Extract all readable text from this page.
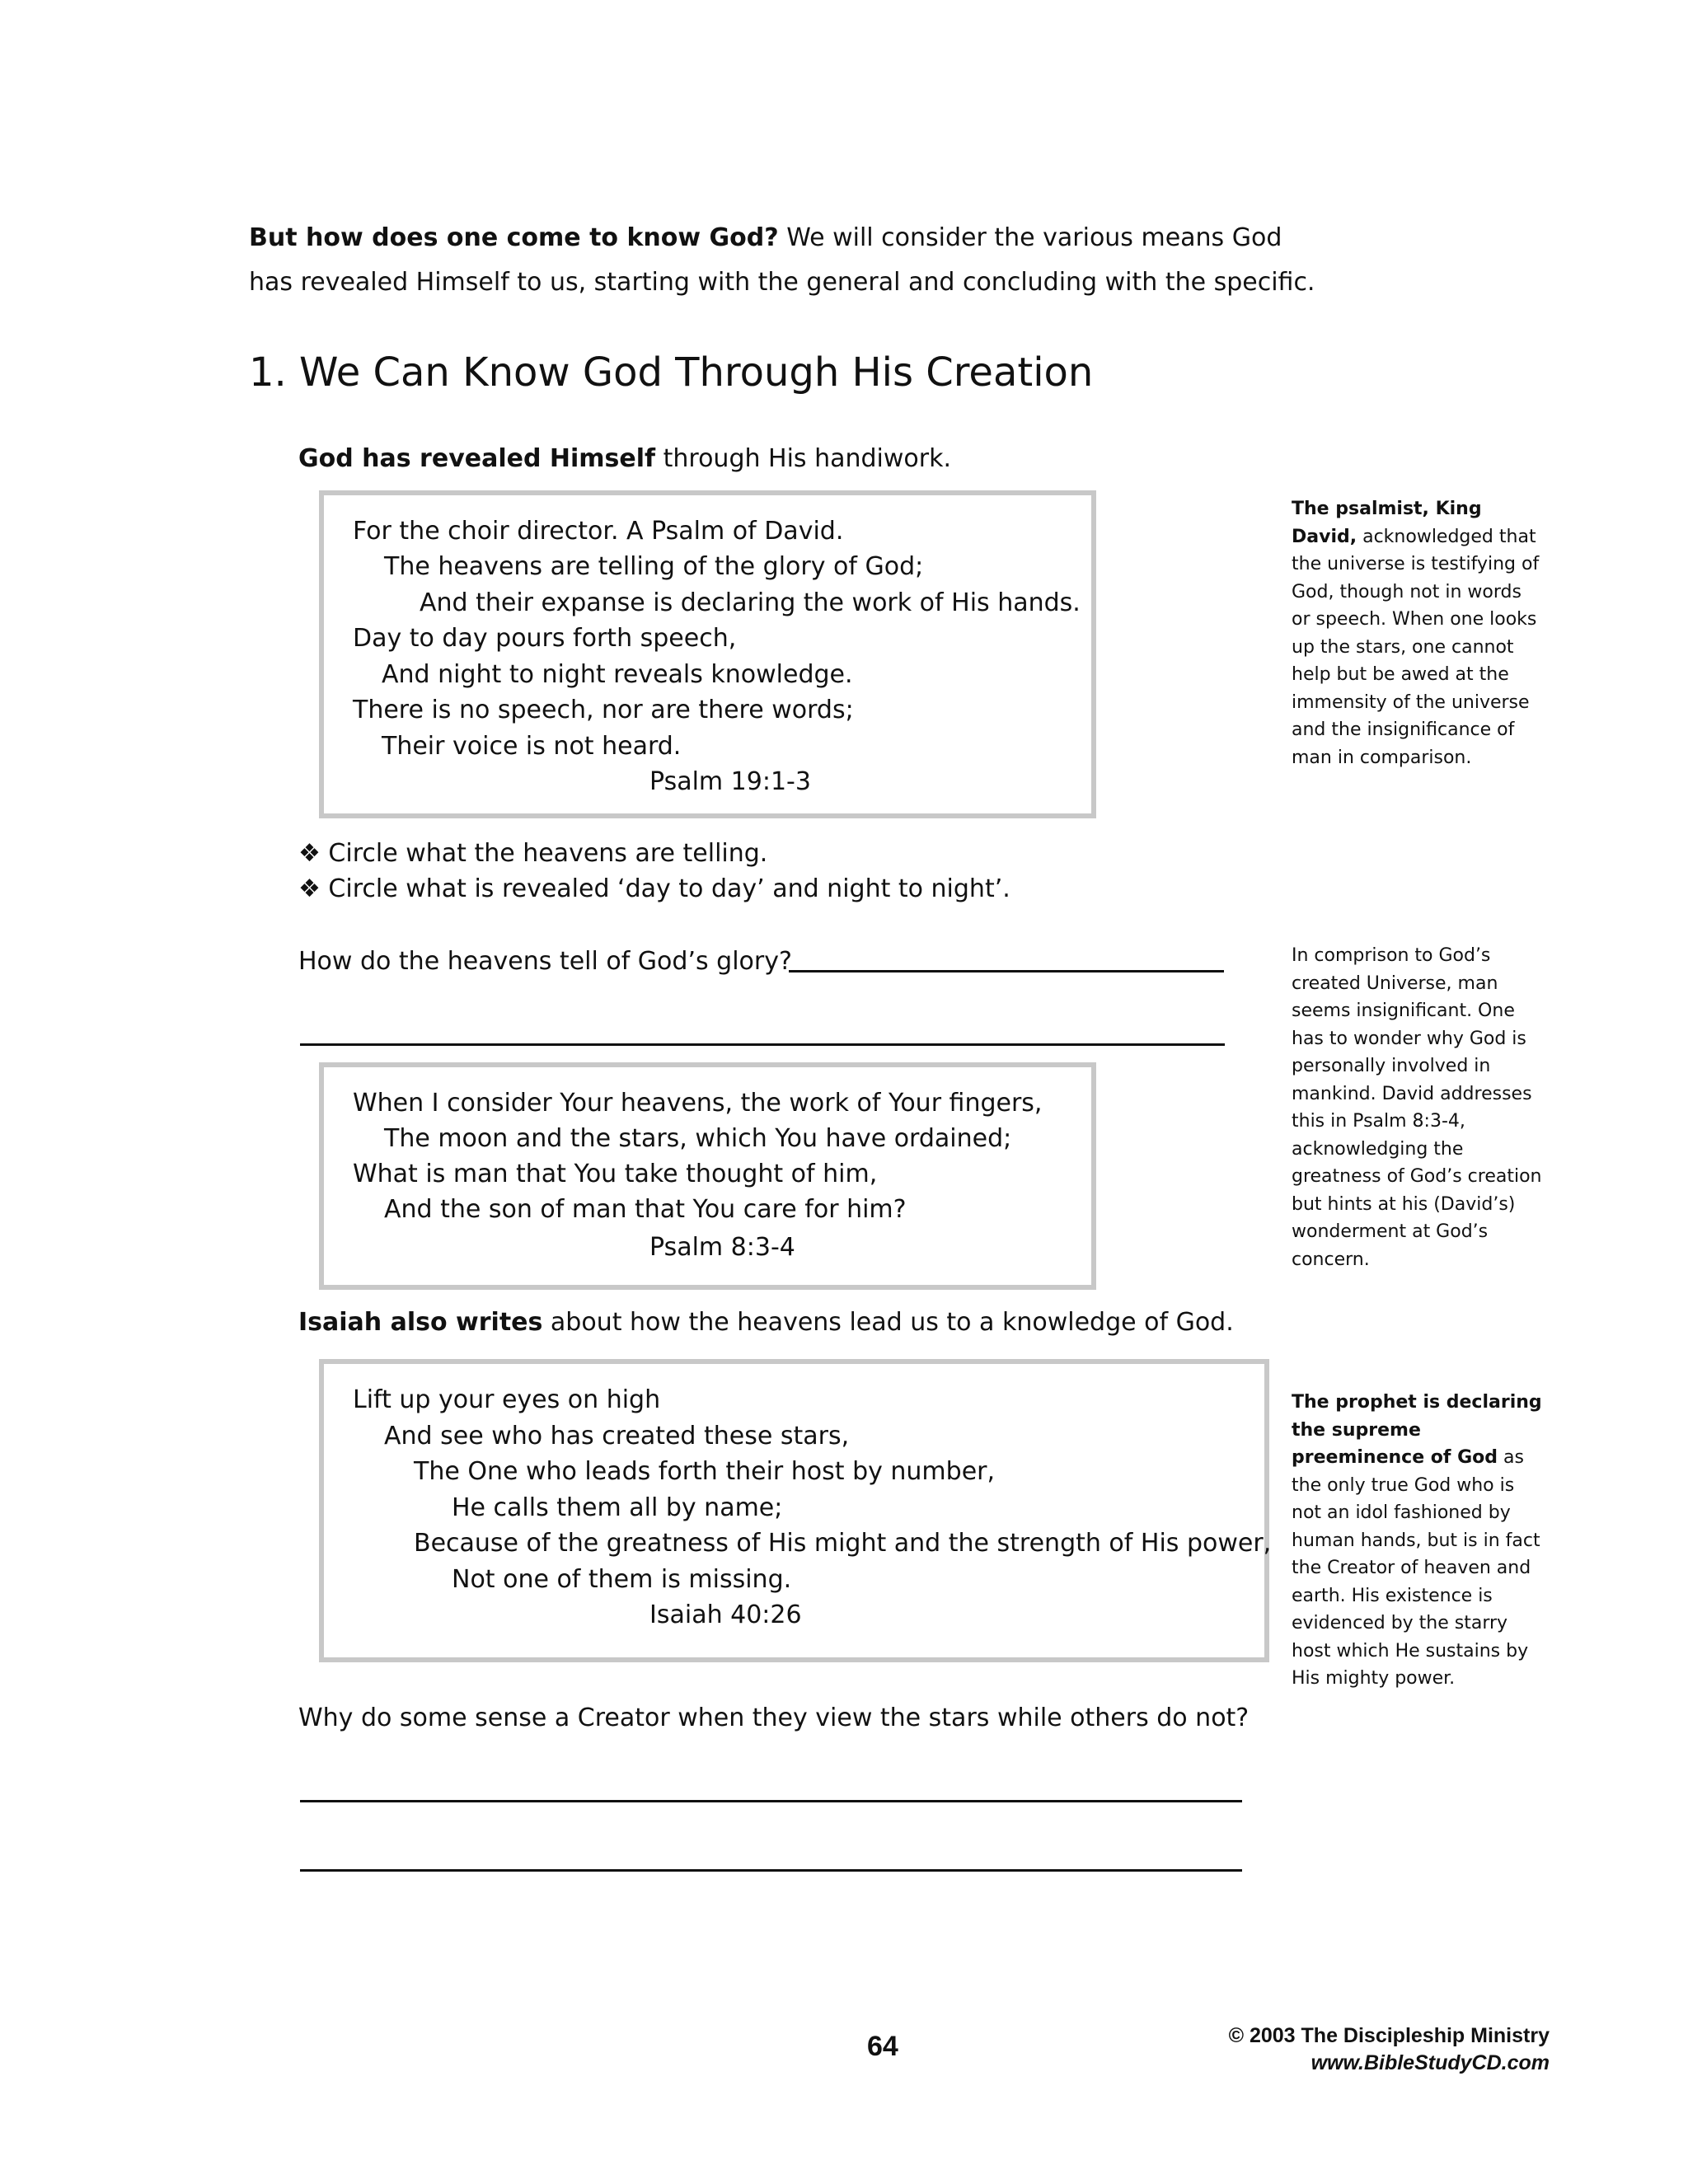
But how does one come to know God? We will consider the various means God has revealed Himself to us, starting with the general and concluding with the specific.

1. We Can Know God Through His Creation

God has revealed Himself through His handiwork.

For the choir director. A Psalm of David.
The heavens are telling of the glory of God;
And their expanse is declaring the work of His hands.
Day to day pours forth speech,
And night to night reveals knowledge.
There is no speech, nor are there words;
Their voice is not heard.
Psalm 19:1-3
❖ Circle what the heavens are telling.
❖ Circle what is revealed ‘day to day’ and night to night’.

How do the heavens tell of God’s glory?

When I consider Your heavens, the work of Your fingers,
The moon and the stars, which You have ordained;
What is man that You take thought of him,
And the son of man that You care for him?
Psalm 8:3-4

Isaiah also writes about how the heavens lead us to a knowledge of God.

Lift up your eyes on high
And see who has created these stars,
The One who leads forth their host by number,
He calls them all by name;
Because of the greatness of His might and the strength of His power,
Not one of them is missing.
Isaiah 40:26

Why do some sense a Creator when they view the stars while others do not?

The psalmist, King David, acknowledged that the universe is testifying of God, though not in words or speech. When one looks up the stars, one cannot help but be awed at the immensity of the universe and the insignificance of man in comparison.

In comprison to God’s created Universe, man seems insignificant. One has to wonder why God is personally involved in mankind. David addresses this in Psalm 8:3-4, acknowledging the greatness of God’s creation but hints at his (David’s) wonderment at God’s concern.

The prophet is declaring the supreme preeminence of God as the only true God who is not an idol fashioned by human hands, but is in fact the Creator of heaven and earth. His existence is evidenced by the starry host which He sustains by His mighty power.

64	© 2003 The Discipleship Ministry
www.BibleStudyCD.com
